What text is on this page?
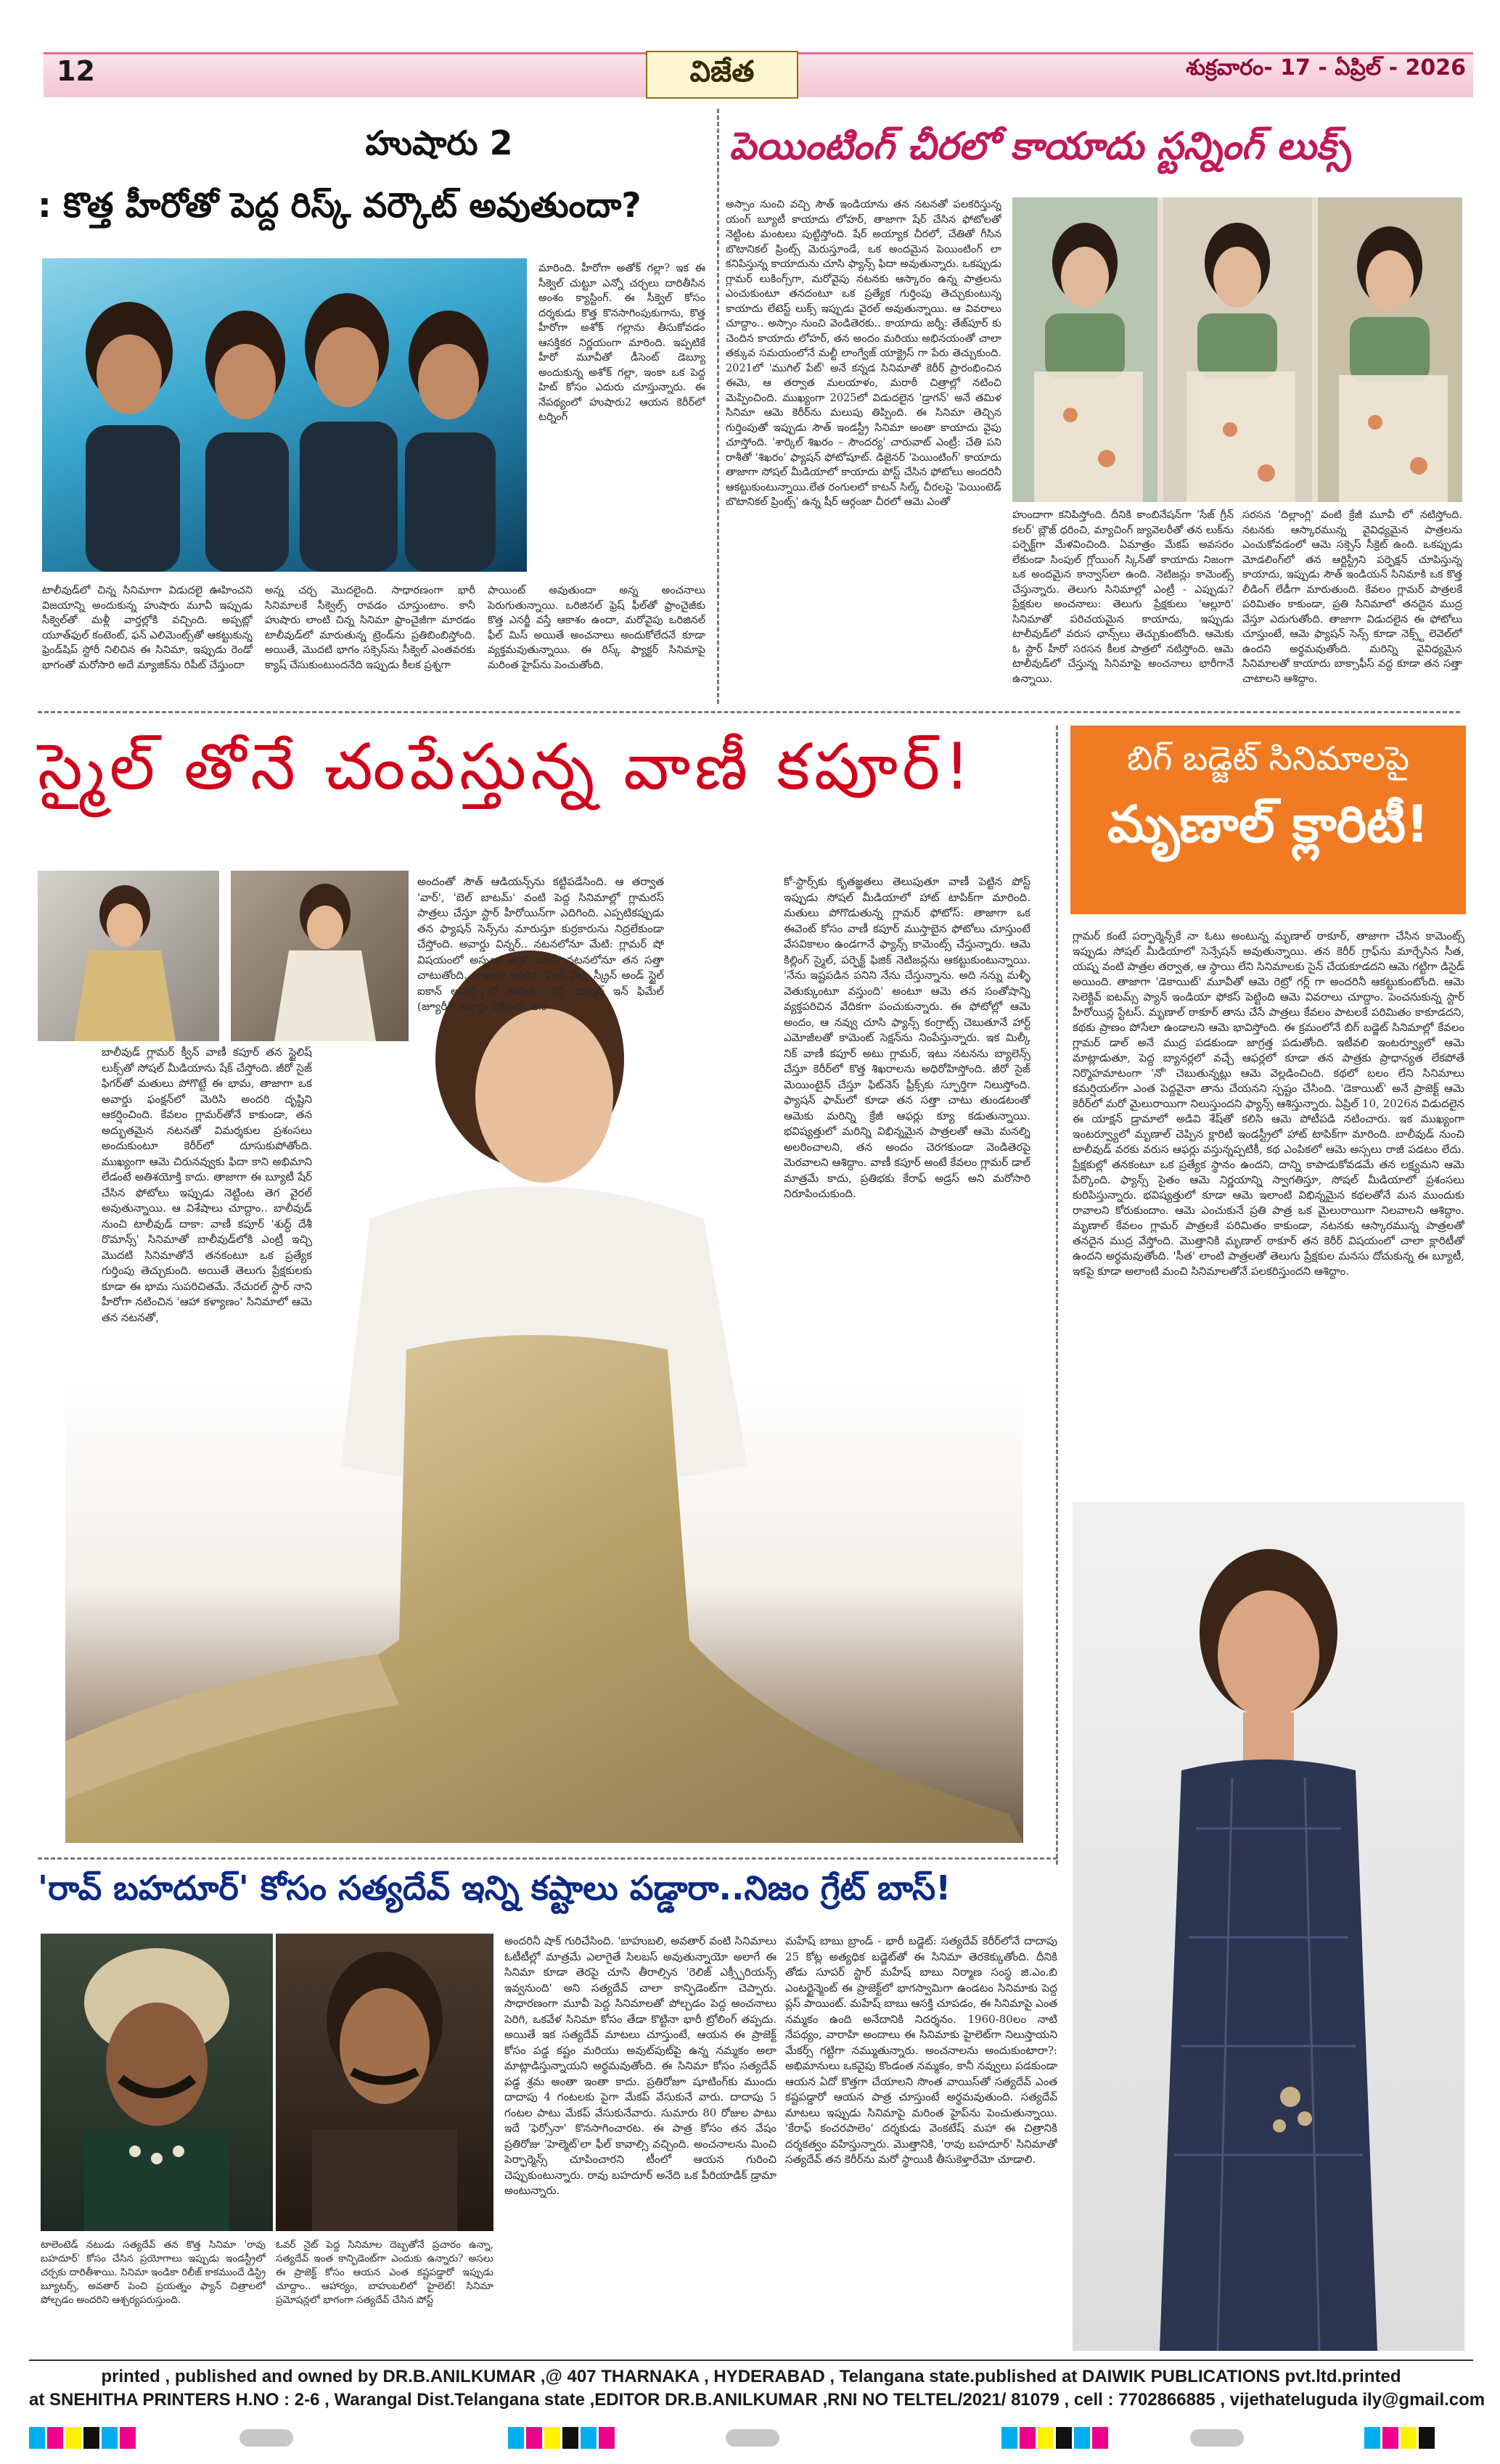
12	విజేత	శుక్రవారం- 17 - ఏప్రిల్ - 2026
హుషారు 2
: కొత్త హీరోతో పెద్ద రిస్క్ వర్కౌట్ అవుతుందా?
మారింది. హీరోగా అతోక్ గల్లా? ఇక ఈ సీక్వెల్ చుట్టూ ఎన్నో చర్చలు దారితీసిన అంశం క్యాస్టింగ్. ఈ సీక్వెల్ కోసం దర్శకుడు కొత్త కొనసాగింపుకుగాను, కొత్త హీరోగా అశోక్ గల్లాను తీసుకోవడం ఆసక్తికర నిర్ణయంగా మారింది. ఇప్పటికే హీరో మూవీతో డీసెంట్ డెబ్యూ అందుకున్న అశోక్ గల్లా, ఇంకా ఒక పెద్ద హిట్ కోసం ఎదురు చూస్తున్నారు. ఈ నేపథ్యంలో హుషారు2 ఆయన కెరీర్‌లో టర్నింగ్
టాలీవుడ్‌లో చిన్న సినిమాగా విడుదలై ఊహించని విజయాన్ని అందుకున్న హుషారు మూవీ ఇప్పుడు సీక్వెల్‌తో మళ్లీ వార్తల్లోకి వచ్చింది. అప్పట్లో యూత్‌ఫుల్ కంటెంట్, ఫన్ ఎలిమెంట్స్‌తో ఆకట్టుకున్న ఫ్రెండ్‌షిప్ స్టోరీ నిలిచిన ఈ సినిమా, ఇప్పుడు రెండో భాగంతో మరోసారి అదే మ్యాజిక్‌ను రిపీట్ చేస్తుందా
అన్న చర్చ మొదలైంది. సాధారణంగా భారీ సినిమాలకే సీక్వెల్స్ రావడం చూస్తుంటాం. కానీ హుషారు లాంటి చిన్న సినిమా ఫ్రాంచైజీగా మారడం టాలీవుడ్‌లో మారుతున్న ట్రెండ్‌ను ప్రతిబింబిస్తోంది. అయితే, మొదటి భాగం సక్సెస్‌ను సీక్వెల్ ఎంతవరకు క్యాష్ చేసుకుంటుందనేది ఇప్పుడు కీలక ప్రశ్నగా
పాయింట్ అవుతుందా అన్న అంచనాలు పెరుగుతున్నాయి. ఒరిజినల్ ఫ్రెష్ ఫీల్‌తో ఫ్రాంచైజీకు కొత్త ఎనర్జీ వస్తే ఆకాశం ఉందా, మరోవైపు ఒరిజినల్ ఫీల్ మిస్ అయితే అంచనాలు అందుకోలేదనే కూడా వ్యక్తమవుతున్నాయి. ఈ రిస్క్ ఫ్యాక్టర్ సినిమాపై మరింత హైప్‌ను పెంచుతోంది.
పెయింటింగ్ చీరలో కాయాదు స్టన్నింగ్ లుక్స్
అస్సాం నుంచి వచ్చి సౌత్ ఇండియాను తన నటనతో పలకరిస్తున్న యంగ్ బ్యూటీ కాయాదు లోహర్, తాజాగా షేర్ చేసిన ఫోటోలతో నెట్టింట మంటలు పుట్టిస్తోంది. షేర్ అయ్యాక చీరలో, చేతితో గీసిన బొటానికల్ ప్రింట్స్ మెరుస్తూండే, ఒక అందమైన పెయింటింగ్ లా కనిపిస్తున్న కాయాదును చూసి ఫ్యాన్స్ ఫిదా అవుతున్నారు. ఒకప్పుడు గ్లామర్ లుకింగ్స్‌గా, మరోవైపు నటనకు ఆస్కారం ఉన్న పాత్రలను ఎంచుకుంటూ తనదంటూ ఒక ప్రత్యేక గుర్తింపు తెచ్చుకుంటున్న కాయాదు లేటెస్ట్ లుక్స్ ఇప్పుడు వైరల్ అవుతున్నాయి. ఆ వివరాలు చూద్దాం.. అస్సాం నుంచి వెండితెరకు.. కాయాదు జర్నీ: తేజ్‌పూర్ కు చెందిన కాయాదు లోహర్, తన అందం మరియు అభినయంతో చాలా తక్కువ సమయంలోనే మల్టీ లాంగ్వేజ్ యాక్ట్రెస్ గా పేరు తెచ్చుకుంది. 2021లో 'ముగిల్ పేట్' అనే కన్నడ సినిమాతో కెరీర్ ప్రారంభించిన ఈమె, ఆ తర్వాత మలయాళం, మరాఠీ చిత్రాల్లో నటించి మెప్పించింది. ముఖ్యంగా 2025లో విడుదలైన 'డ్రాగన్' అనే తమిళ సినిమా ఆమె కెరీర్‌ను మలుపు తిప్పింది. ఈ సినిమా తెచ్చిన గుర్తింపుతో ఇప్పుడు సౌత్ ఇండస్ట్రీ సినిమా అంతా కాయాదు వైపు చూస్తోంది. 'శార్కిల్‌ శిఖరం – సౌందర్య' చారువాట్ ఎంట్రీ: చేతి పని రాశీతో 'శిఖరం' ఫ్యాషన్ ఫోటోషూట్. డిజైనర్ 'పెయింటింగ్' కాయాదు తాజాగా సోషల్ మీడియాలో కాయాదు పోస్ట్ చేసిన ఫోటోలు అందరినీ ఆకట్టుకుంటున్నాయి.లేత రంగులలో కాటన్ సిల్క్ చీరలపై 'పెయింటెడ్ బొటానికల్ ప్రింట్స్' ఉన్న షీర్ ఆర్గంజా చీరలో ఆమె ఎంతో
హుందాగా కనిపిస్తోంది. దీనికి కాంబినేషన్‌గా 'సేజ్ గ్రీన్ కలర్' బ్లౌజ్ ధరించి, మ్యాచింగ్ జ్యువెలరీతో తన లుక్‌ను పర్ఫెక్ట్‌గా మేళవించింది. ఏమాత్రం మేకప్ అవసరం లేకుండా సింపుల్ గ్లోయింగ్ స్కిన్‌తో కాయాదు నిజంగా ఒక అందమైన కాన్వాస్‌లా ఉంది. నెటిజన్లు కామెంట్స్ చేస్తున్నారు. తెలుగు సినిమాల్లో ఎంట్రీ - ఎప్పుడు? ప్రేక్షకుల అంచనాలు: తెలుగు ప్రేక్షకులు 'ఆల్లూరి' సినిమాతో పరిచయమైన కాయాదు, ఇప్పుడు టాలీవుడ్‌లో వరుస ఛాన్స్‌లు తెచ్చుకుంటోంది. ఆమెకు ఓ స్టార్ హీరో సరసన కీలక పాత్రలో నటిస్తోంది. ఆమె టాలీవుడ్‌లో చేస్తున్న సినిమాపై అంచనాలు భారీగానే ఉన్నాయి.
సరసన 'దిల్లాంగ్లి' వంటి క్రేజీ మూవీ లో నటిస్తోంది. నటనకు ఆస్కారమున్న వైవిధ్యమైన పాత్రలను ఎంచుకోవడంలో ఆమె సక్సెస్ సీక్రెట్ ఉంది. ఒకప్పుడు మోడలింగ్‌లో తన ఆర్టిస్ట్రీని పర్ఫెక్షన్ చూపిస్తున్న కాయాదు, ఇప్పుడు సౌత్ ఇండియన్ సినిమాకి ఒక కొత్త లీడింగ్ లేడీగా మారుతుంది. కేవలం గ్లామర్ పాత్రలకే పరిమితం కాకుండా, ప్రతి సినిమాలో తనదైన ముద్ర వేస్తూ ఎదుగుతోంది. తాజాగా విడుదలైన ఈ ఫోటోలు చూస్తుంటే, ఆమె ఫ్యాషన్ సెన్స్ కూడా నెక్స్ట్ లెవెల్‌లో ఉందని అర్థమవుతోంది. మరిన్ని వైవిధ్యమైన సినిమాలతో కాయాదు బాక్సాఫీస్ వద్ద కూడా తన సత్తా చాటాలని ఆశిద్దాం.
స్మైల్ తోనే చంపేస్తున్న వాణీ కపూర్!
బాలీవుడ్ గ్లామర్ క్వీన్ వాణీ కపూర్ తన స్టైలిష్ లుక్స్‌తో సోషల్ మీడియాను షేక్ చేస్తోంది. జీరో సైజ్ ఫిగర్‌తో మతులు పోగొట్టే ఈ భామ, తాజాగా ఒక అవార్డు ఫంక్షన్‌లో మెరిసి అందరి దృష్టిని ఆకర్షించింది. కేవలం గ్లామర్‌తోనే కాకుండా, తన అద్భుతమైన నటనతో విమర్శకుల ప్రశంసలు అందుకుంటూ కెరీర్‌లో దూసుకుపోతోంది. ముఖ్యంగా ఆమె చిరునవ్వుకు ఫిదా కాని అభిమాని లేడంటే అతిశయోక్తి కాదు. తాజాగా ఈ బ్యూటీ షేర్ చేసిన ఫోటోలు ఇప్పుడు నెట్టింట తెగ వైరల్ అవుతున్నాయి. ఆ విశేషాలు చూద్దాం.. బాలీవుడ్ నుంచి టాలీవుడ్ దాకా: వాణీ కపూర్ 'శుద్ధ్ దేశీ రొమాన్స్' సినిమాతో బాలీవుడ్‌లోకి ఎంట్రీ ఇచ్చి మొదటి సినిమాతోనే తనకంటూ ఒక ప్రత్యేక గుర్తింపు తెచ్చుకుంది. అయితే తెలుగు ప్రేక్షకులకు కూడా ఈ భామ సుపరిచితమే. నేచురల్ స్టార్ నాని హీరోగా నటించిన 'ఆహా కళ్యాణం' సినిమాలో ఆమె తన నటనతో,
అందంతో సౌత్ ఆడియన్స్‌ను కట్టిపడేసింది. ఆ తర్వాత 'వార్', 'బెల్ బాటమ్' వంటి పెద్ద సినిమాల్లో గ్లామరస్ పాత్రలు చేస్తూ స్టార్ హీరోయిన్‌గా ఎదిగింది. ఎప్పటికప్పుడు తన ఫ్యాషన్ సెన్స్‌ను మారుస్తూ కుర్రకారును నిద్రలేకుండా చేస్తోంది. అవార్డు విన్నర్.. నటనలోనూ మేటి: గ్లామర్ షో విషయంలో అస్సలు తగ్గని వాణీ, నటనలోనూ తన సత్తా చాటుతోంది. తాజాగా జరిగిన 'పింక్ విల్లా స్క్రీన్ అండ్ స్టైల్ ఐకాన్ అవార్డ్స్'లో ఈమెకు 'బెస్ట్ యాక్టర్ ఇన్ ఫిమేల్ (జ్యూరీ)' అవార్డు దక్కింది. తన
కో-స్టార్స్‌కు కృతజ్ఞతలు తెలుపుతూ వాణీ పెట్టిన పోస్ట్ ఇప్పుడు సోషల్ మీడియాలో హాట్ టాపిక్‌గా మారింది. మతులు పోగొడుతున్న గ్లామర్ ఫోటోస్: తాజాగా ఒక ఈవెంట్ కోసం వాణీ కపూర్ ముస్తాబైన ఫోటోలు చూస్తుంటే వేసవికాలం ఉండగానే ఫ్యాన్స్ కామెంట్స్ చేస్తున్నారు. ఆమె కిల్లింగ్ స్మైల్, పర్ఫెక్ట్ ఫిజిక్ నెటిజన్లను ఆకట్టుకుంటున్నాయి. 'నేను ఇష్టపడిన పనిని నేను చేస్తున్నాను. అది నన్ను మళ్ళీ వెతుక్కుంటూ వస్తుంది' అంటూ ఆమె తన సంతోషాన్ని వ్యక్తపరిచిన వేదికగా పంచుకున్నారు. ఈ ఫోటోల్లో ఆమె అందం, ఆ నవ్వు చూసి ఫ్యాన్స్ కంగ్రాట్స్ చెబుతూనే హార్ట్ ఎమోజీలతో కామెంట్ సెక్షన్‌ను నింపేస్తున్నారు. ఇక మిల్కీ నిక్ వాణీ కపూర్ అటు గ్లామర్, ఇటు నటనను బ్యాలెన్స్ చేస్తూ కెరీర్‌లో కొత్త శిఖరాలను అధిరోహిస్తోంది. జీరో సైజ్ మెయింటైన్ చేస్తూ ఫిట్‌నెస్ ఫ్రీక్స్‌కు స్ఫూర్తిగా నిలుస్తోంది. ఫ్యాషన్ ఫామ్‌లో కూడా తన సత్తా చాటు తుండటంతో ఆమెకు మరిన్ని క్రేజీ ఆఫర్లు క్యూ కడుతున్నాయి. భవిష్యత్తులో మరిన్ని విభిన్నమైన పాత్రలతో ఆమె మనల్ని అలరించాలని, తన అందం చెరగకుండా వెండితెరపై మెరవాలని ఆశిద్దాం. వాణీ కపూర్ అంటే కేవలం గ్లామర్ డాల్ మాత్రమే కాదు, ప్రతిభకు కేరాఫ్ అడ్రస్ అని మరోసారి నిరూపించుకుంది.
బిగ్ బడ్జెట్ సినిమాలపై
మృణాల్ క్లారిటీ!
గ్లామర్ కంటే పర్ఫార్మెన్స్‌కే నా ఓటు అంటున్న మృణాల్ ఠాకూర్, తాజాగా చేసిన కామెంట్స్ ఇప్పుడు సోషల్ మీడియాలో సెన్సేషన్ అవుతున్నాయి. తన కెరీర్ గ్రాఫ్‌ను మార్చేసిన సీత, యష్న వంటి పాత్రల తర్వాత, ఆ స్థాయి లేని సినిమాలకు సైన్ చేయకూడదని ఆమె గట్టిగా డిసైడ్ అయింది. తాజాగా 'డెకాయిట్' మూవీతో ఆమె రెట్రో గర్ల్ గా అందరినీ ఆకట్టుకుంటోంది. ఆమె సెలెక్టివ్ ఐటమ్స్ ప్యాన్ ఇండియా ఫోకస్ పెట్టింది ఆమె వివరాలు చూద్దాం. పెంచనుకున్న స్టార్ హీరోయిన్ల స్టేటస్. మృణాల్ ఠాకూర్ తాను చేసే పాత్రలు కేవలం పాటలకే పరిమితం కాకూడదని, కథకు ప్రాణం పోసేలా ఉండాలని ఆమె భావిస్తోంది. ఈ క్రమంలోనే బిగ్ బడ్జెట్ సినిమాల్లో కేవలం గ్లామర్ డాల్ అనే ముద్ర పడకుండా జాగ్రత్త పడుతోంది. ఇటీవలి ఇంటర్వ్యూలో ఆమె మాట్లాడుతూ, పెద్ద బ్యానర్లలో వచ్చే ఆఫర్లలో కూడా తన పాత్రకు ప్రాధాన్యత లేకపోతే నిర్మొహమాటంగా 'నో' చెబుతున్నట్లు ఆమె వెల్లడించింది. కథలో బలం లేని సినిమాలు కమర్షియల్‌గా ఎంత పెద్దవైనా తాను చేయనని స్పష్టం చేసింది. 'డెకాయిట్' అనే ప్రాజెక్ట్ ఆమె కెరీర్‌లో మరో మైలురాయిగా నిలుస్తుందని ఫ్యాన్స్ ఆశిస్తున్నారు. ఏప్రిల్ 10, 2026న విడుదలైన ఈ యాక్షన్ డ్రామాలో అడివి శేష్‌తో కలిసి ఆమె పోటీపడి నటించారు. ఇక ముఖ్యంగా ఇంటర్వ్యూలో మృణాల్ చెప్పిన క్లారిటీ ఇండస్ట్రీలో హాట్ టాపిక్‌గా మారింది. బాలీవుడ్ నుంచి టాలీవుడ్ వరకు వరుస ఆఫర్లు వస్తున్నప్పటికీ, కథ ఎంపికలో ఆమె అస్సలు రాజీ పడటం లేదు. ప్రేక్షకుల్లో తనకంటూ ఒక ప్రత్యేక స్థానం ఉందని, దాన్ని కాపాడుకోవడమే తన లక్ష్యమని ఆమె పేర్కొంది. ఫ్యాన్స్ సైతం ఆమె నిర్ణయాన్ని స్వాగతిస్తూ, సోషల్ మీడియాలో ప్రశంసలు కురిపిస్తున్నారు. భవిష్యత్తులో కూడా ఆమె ఇలాంటి విభిన్నమైన కథలతోనే మన ముందుకు రావాలని కోరుకుందాం. ఆమె ఎంచుకునే ప్రతి పాత్ర ఒక మైలురాయిగా నిలవాలని ఆశిద్దాం. మృణాల్ కేవలం గ్లామర్ పాత్రలకే పరిమితం కాకుండా, నటనకు ఆస్కారమున్న పాత్రలతో తనదైన ముద్ర వేస్తోంది. మొత్తానికి మృణాల్ ఠాకూర్ తన కెరీర్ విషయంలో చాలా క్లారిటీతో ఉందని అర్థమవుతోంది. 'సీత' లాంటి పాత్రలతో తెలుగు ప్రేక్షకుల మనసు దోచుకున్న ఈ బ్యూటీ, ఇకపై కూడా అలాంటి మంచి సినిమాలతోనే పలకరిస్తుందని ఆశిద్దాం.
'రావ్ బహదూర్' కోసం సత్యదేవ్ ఇన్ని కష్టాలు పడ్డారా..నిజం గ్రేట్ బాస్!
టాలెంటెడ్ నటుడు సత్యదేవ్ తన కొత్త సినిమా 'రావు బహదూర్' కోసం చేసిన ప్రయోగాలు ఇప్పుడు ఇండస్ట్రీలో చర్చకు దారితీశాయి. సినిమా ఇండికా రిలీజ్ కాకముందే డిస్ట్రి బ్యూటర్స్, అవతార్ పెంచి ప్రయత్నం ఫ్యాన్ చిత్రాలలో పోల్చడం అందరిని ఆశ్చర్యపరుస్తుంది.
ఓవర్ నైట్ పెద్ద సినిమాల దెబ్బతోనే ప్రచారం ఉన్నా, సత్యదేవ్ ఇంత కాన్ఫిడెంట్‌గా ఎందుకు ఉన్నారు? అసలు ఈ ప్రాజెక్ట్ కోసం ఆయన ఎంత కష్టపడ్డారో ఇప్పుడు చూద్దాం.. ఆహార్యం, బాహుబలిలో హైలెట్! సినిమా ప్రమోషన్లలో భాగంగా సత్యదేవ్ చేసిన పోస్ట్
అందరినీ షాక్ గురిచేసింది. 'బాహుబలి, అవతార్ వంటి సినిమాలు ఓటీటీల్లో మాత్రమే ఎలాగైతే సిలబస్ అవుతున్నాయో అలాగే ఈ సినిమా కూడా తెరపై చూసి తీరాల్సిన 'రెలిజ్ ఎక్స్పీరియన్స్ ఇవ్వనుంది' అని సత్యదేవ్ చాలా కాన్ఫిడెంట్‌గా చెప్పారు. సాధారణంగా మూవీ పెద్ద సినిమాలతో పోల్చడం పెద్ద అంచనాలు పెరిగి, ఒకవేళ సినిమా కోసం తేడా కొట్టినా భారీ ట్రోలింగ్ తప్పదు. అయితే ఇక సత్యదేవ్ మాటలు చూస్తుంటే, ఆయన ఈ ప్రాజెక్ట్ కోసం పడ్డ కష్టం మరియు అవుట్‌పుట్‌పై ఉన్న నమ్మకం అలా మాట్లాడిస్తున్నాయని అర్థమవుతోంది. ఈ సినిమా కోసం సత్యదేవ్ పడ్డ శ్రమ అంతా ఇంతా కాదు. ప్రతిరోజూ షూటింగ్‌కు ముందు దాదాపు 4 గంటలకు పైగా మేకప్ వేసుకునే వారు. దాదాపు 5 గంటల పాటు మేకప్ వేసుకునేవారు. సుమారు 80 రోజుల పాటు ఇదే 'ఫెర్సోనా' కొనసాగించారట. ఈ పాత్ర కోసం తన వేషం ప్రతిరోజు 'హెల్మెట్'లా ఫీల్ కావాల్సి వచ్చింది. అంచనాలను మించి పెర్ఫార్మెన్స్ చూపించారని టీంలో ఆయన గురించి చెప్పుకుంటున్నారు. రావు బహదూర్ అనేది ఒక పీరియాడిక్ డ్రామా అంటున్నారు.
మహేష్ బాబు బ్రాండ్ - భారీ బడ్జెట్: సత్యదేవ్ కెరీర్‌లోనే దాదాపు 25 కోట్ల అత్యధిక బడ్జెట్‌తో ఈ సినిమా తెరకెక్కుతోంది. దీనికి తోడు సూపర్ స్టార్ మహేష్ బాబు నిర్మాణ సంస్థ జి.ఎం.బి ఎంటర్టైన్మెంట్ ఈ ప్రాజెక్ట్‌లో భాగస్వామిగా ఉండటం సినిమాకు పెద్ద ప్లస్ పాయింట్. మహేష్ బాబు ఆసక్తి చూపడం, ఈ సినిమాపై ఎంత నమ్మకం ఉంది అనేదానికి నిదర్శనం. 1960-80లం నాటి నేపథ్యం, వారాహి అందాలు ఈ సినిమాకు హైలెట్‌గా నిలుస్తాయని మేకర్స్ గట్టిగా నమ్ముతున్నారు. అంచనాలను అందుకుంటారా?: అభిమానులు ఒకవైపు కొండంత నమ్మకం, కానీ నవ్వులు పడకుండా ఆయన ఏదో కొత్తగా చేయాలని సొంత వాయిస్‌తో సత్యదేవ్ ఎంత కష్టపడ్డారో ఆయన పాత్ర చూస్తుంటే అర్థమవుతుంది. సత్యదేవ్ మాటలు ఇప్పుడు సినిమాపై మరింత హైప్‌ను పెంచుతున్నాయి. 'కేరాఫ్ కంచరపాలెం' దర్శకుడు వెంకటేష్ మహా ఈ చిత్రానికి దర్శకత్వం వహిస్తున్నారు. మొత్తానికి, 'రావు బహదూర్' సినిమాతో సత్యదేవ్ తన కెరీర్‌ను మరో స్థాయికి తీసుకెళ్తారేమో చూడాలి.
printed , published and owned by DR.B.ANILKUMAR ,@ 407 THARNAKA , HYDERABAD , Telangana state.published at DAIWIK PUBLICATIONS pvt.ltd.printed
at SNEHITHA PRINTERS H.NO : 2-6 , Warangal Dist.Telangana state ,EDITOR DR.B.ANILKUMAR ,RNI NO TELTEL/2021/ 81079 , cell : 7702866885 , vijethateluguda ily@gmail.com
